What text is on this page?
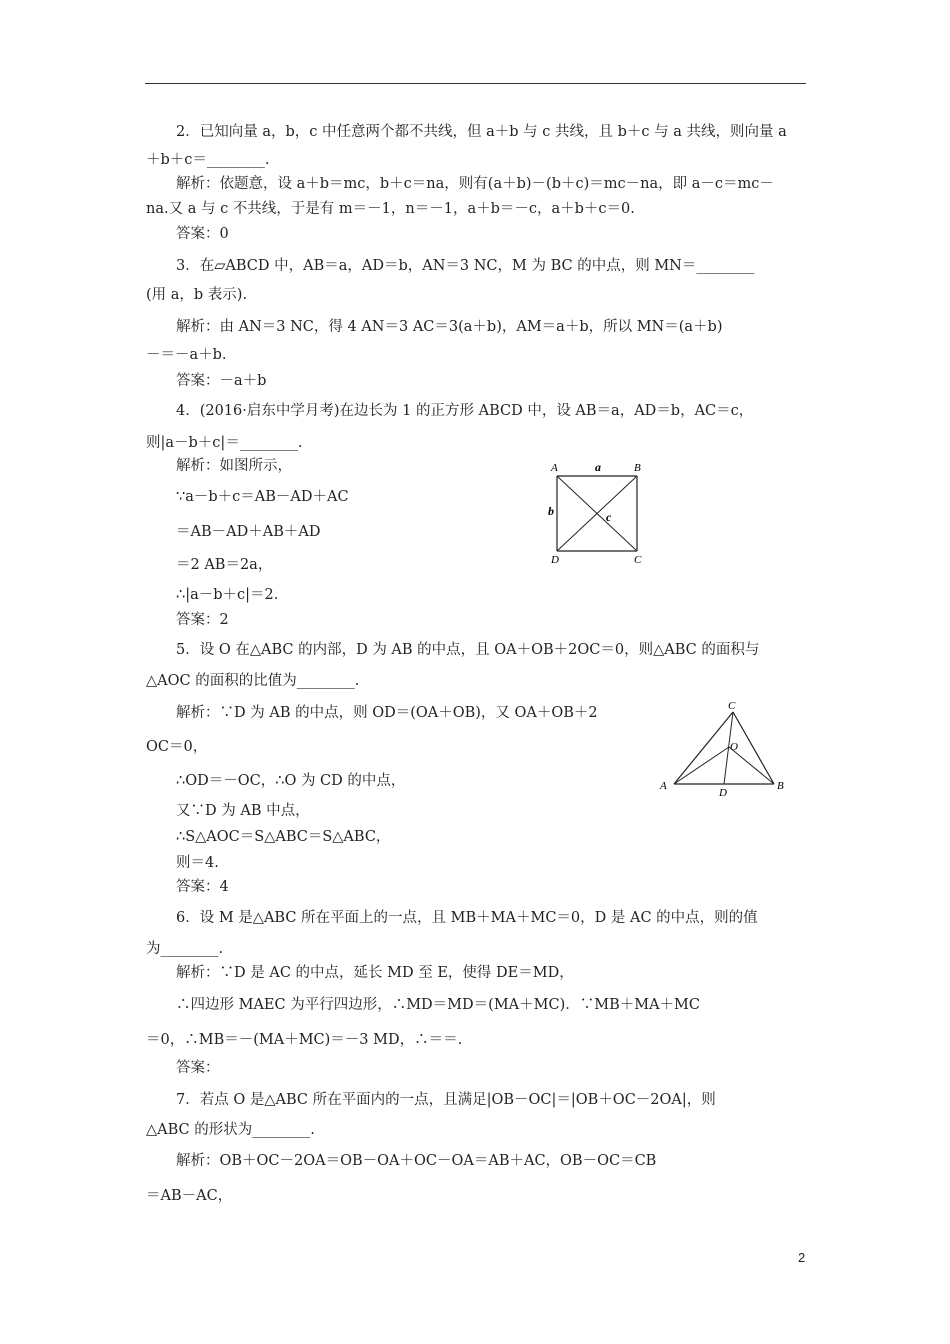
2．已知向量 a，b，c 中任意两个都不共线，但 a＋b 与 c 共线，且 b＋c 与 a 共线，则向量 a
＋b＋c＝________.
解析：依题意，设 a＋b＝mc，b＋c＝na，则有(a＋b)－(b＋c)＝mc－na，即 a－c＝mc－
na.又 a 与 c 不共线，于是有 m＝－1，n＝－1，a＋b＝－c，a＋b＋c＝0.
答案：0
3．在▱ABCD 中，AB＝a，AD＝b，AN＝3 NC，M 为 BC 的中点，则 MN＝________
(用 a，b 表示).
解析：由 AN＝3 NC，得 4 AN＝3 AC＝3(a＋b)，AM＝a＋b，所以 MN＝(a＋b)
－＝－a＋b.
答案：－a＋b
4．(2016·启东中学月考)在边长为 1 的正方形 ABCD 中，设 AB＝a，AD＝b，AC＝c，
则|a－b＋c|＝________.
解析：如图所示，
∵a－b＋c＝AB－AD＋AC
＝AB－AD＋AB＋AD
＝2 AB＝2a，
∴|a－b＋c|＝2.
答案：2
5．设 O 在△ABC 的内部，D 为 AB 的中点，且 OA＋OB＋2OC＝0，则△ABC 的面积与
△AOC 的面积的比值为________.
解析：∵D 为 AB 的中点，则 OD＝(OA＋OB)，又 OA＋OB＋2
OC＝0，
∴OD＝－OC，∴O 为 CD 的中点，
又∵D 为 AB 中点，
∴S△AOC＝S△ABC＝S△ABC，
则＝4.
答案：4
6．设 M 是△ABC 所在平面上的一点，且 MB＋MA＋MC＝0，D 是 AC 的中点，则的值
为________.
解析：∵D 是 AC 的中点，延长 MD 至 E，使得 DE＝MD，
∴四边形 MAEC 为平行四边形，∴MD＝MD＝(MA＋MC)．∵MB＋MA＋MC
＝0，∴MB＝－(MA＋MC)＝－3 MD，∴＝＝.
答案：
7．若点 O 是△ABC 所在平面内的一点，且满足|OB－OC|＝|OB＋OC－2OA|，则
△ABC 的形状为________.
解析：OB＋OC－2OA＝OB－OA＋OC－OA＝AB＋AC，OB－OC＝CB
＝AB－AC，
A	B
C
D
a
b	c
C
O
A	B
D
2
